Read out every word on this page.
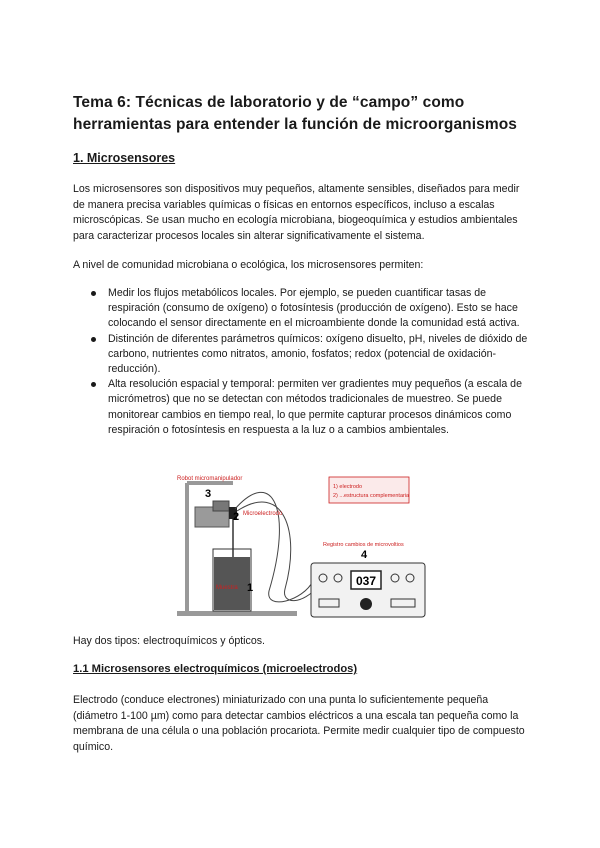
Tema 6: Técnicas de laboratorio y de “campo” como herramientas para entender la función de microorganismos
1. Microsensores
Los microsensores son dispositivos muy pequeños, altamente sensibles, diseñados para medir de manera precisa variables químicas o físicas en entornos específicos, incluso a escalas microscópicas. Se usan mucho en ecología microbiana, biogeoquímica y estudios ambientales para caracterizar procesos locales sin alterar significativamente el sistema.
A nivel de comunidad microbiana o ecológica, los microsensores permiten:
Medir los flujos metabólicos locales. Por ejemplo, se pueden cuantificar tasas de respiración (consumo de oxígeno) o fotosíntesis (producción de oxígeno). Esto se hace colocando el sensor directamente en el microambiente donde la comunidad está activa.
Distinción de diferentes parámetros químicos: oxígeno disuelto, pH, niveles de dióxido de carbono, nutrientes como nitratos, amonio, fosfatos; redox (potencial de oxidación-reducción).
Alta resolución espacial y temporal: permiten ver gradientes muy pequeños (a escala de micrómetros) que no se detectan con métodos tradicionales de muestreo. Se puede monitorear cambios en tiempo real, lo que permite capturar procesos dinámicos como respiración o fotosíntesis en respuesta a la luz o a cambios ambientales.
037
1) electrodo
2) ...estructura complementaria
Robot micromanipulador
Microelectrodo
Registro cambios de microvoltios
Muestra
3
2
4
1
Hay dos tipos: electroquímicos y ópticos.
1.1 Microsensores electroquímicos (microelectrodos)
Electrodo (conduce electrones) miniaturizado con una punta lo suficientemente pequeña (diámetro 1-100 µm) como para detectar cambios eléctricos a una escala tan pequeña como la membrana de una célula o una población procariota. Permite medir cualquier tipo de compuesto químico.
